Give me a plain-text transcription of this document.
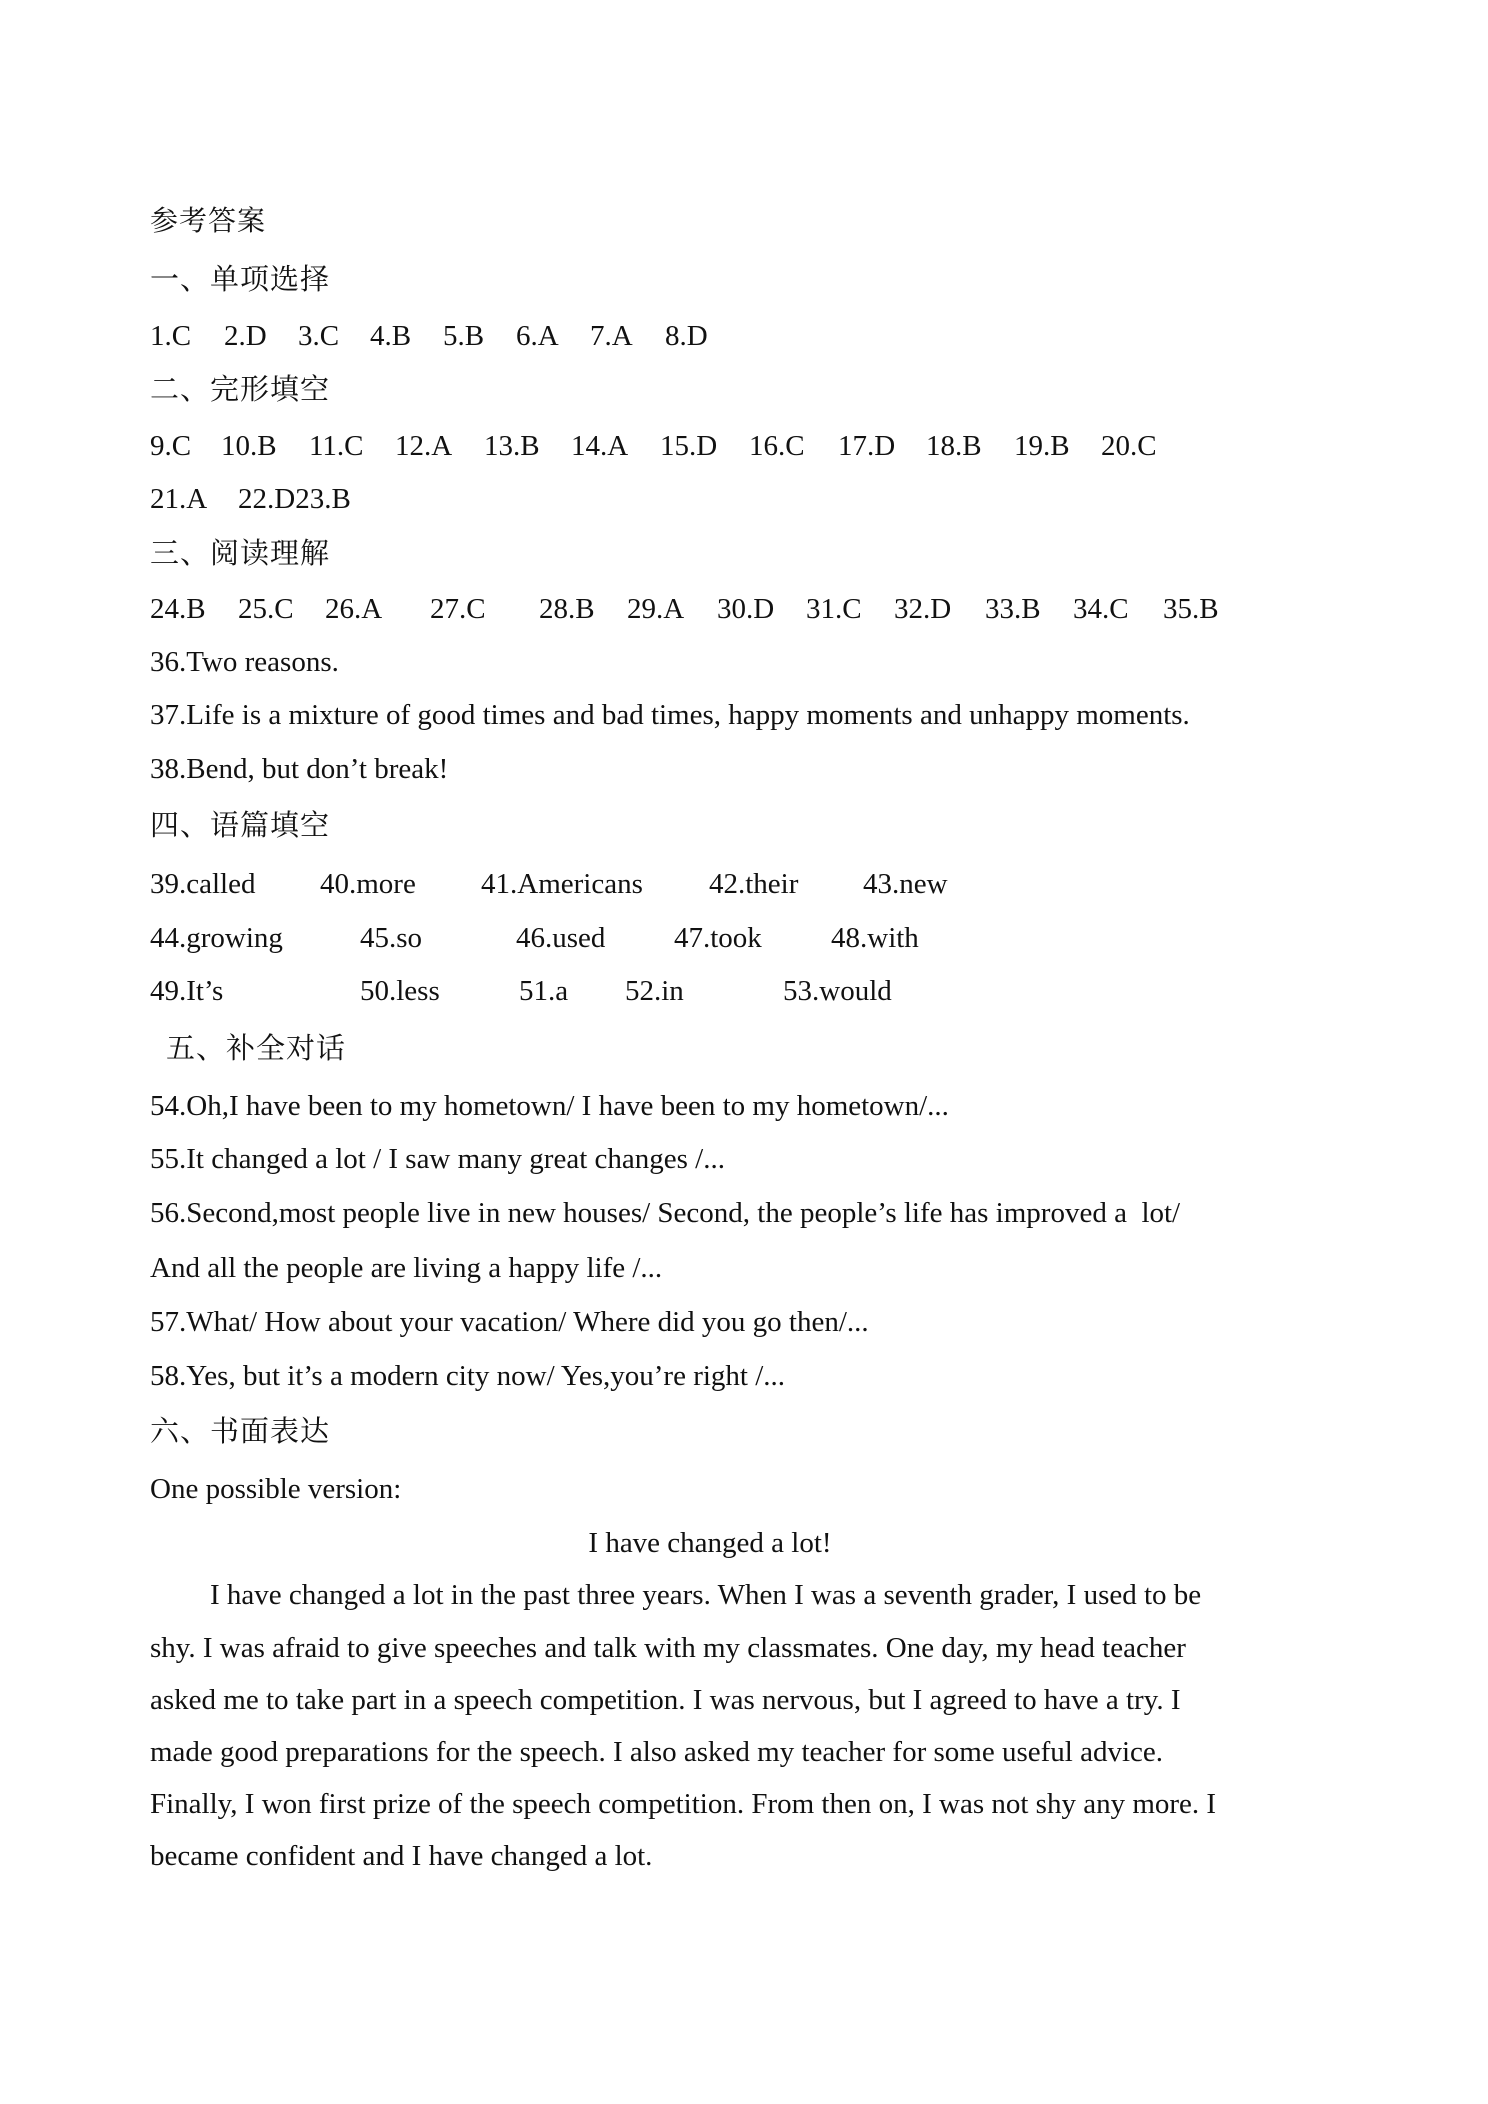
参考答案
一、单项选择
1.C	2.D	3.C	4.B	5.B	6.A	7.A	8.D
二、完形填空
9.C	10.B	11.C	12.A	13.B	14.A	15.D	16.C	17.D	18.B	19.B	20.C
21.A	22.D23.B
三、阅读理解
24.B	25.C	26.A	27.C	28.B	29.A	30.D	31.C	32.D	33.B	34.C	35.B
36.Two reasons.
37.Life is a mixture of good times and bad times, happy moments and unhappy moments.
38.Bend, but don’t break!
四、语篇填空
39.called	40.more	41.Americans	42.their	43.new
44.growing	45.so	46.used	47.took	48.with
49.It’s	50.less	51.a	52.in	53.would
五、补全对话
54.Oh,I have been to my hometown/ I have been to my hometown/...
55.It changed a lot / I saw many great changes /...
56.Second,most people live in new houses/ Second, the people’s life has improved a  lot/
And all the people are living a happy life /...
57.What/ How about your vacation/ Where did you go then/...
58.Yes, but it’s a modern city now/ Yes,you’re right /...
六、书面表达
One possible version:
I have changed a lot!
I have changed a lot in the past three years. When I was a seventh grader, I used to be
shy. I was afraid to give speeches and talk with my classmates. One day, my head teacher
asked me to take part in a speech competition. I was nervous, but I agreed to have a try. I
made good preparations for the speech. I also asked my teacher for some useful advice.
Finally, I won first prize of the speech competition. From then on, I was not shy any more. I
became confident and I have changed a lot.
